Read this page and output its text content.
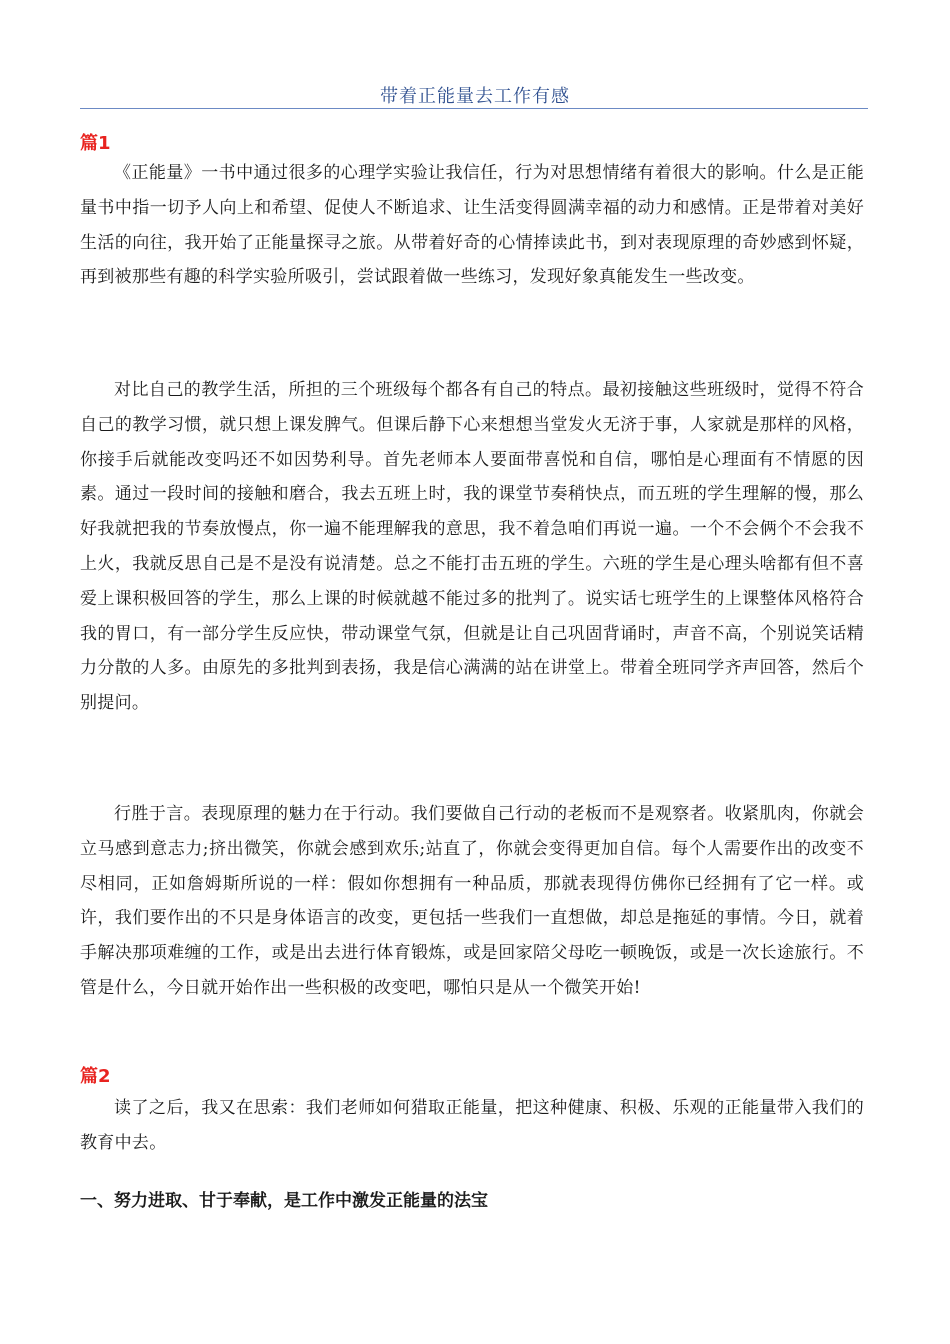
带着正能量去工作有感
篇1

《正能量》一书中通过很多的心理学实验让我信任，行为对思想情绪有着很大的影响。什么是正能量书中指一切予人向上和希望、促使人不断追求、让生活变得圆满幸福的动力和感情。正是带着对美好生活的向往，我开始了正能量探寻之旅。从带着好奇的心情捧读此书，到对表现原理的奇妙感到怀疑，再到被那些有趣的科学实验所吸引，尝试跟着做一些练习，发现好象真能发生一些改变。

对比自己的教学生活，所担的三个班级每个都各有自己的特点。最初接触这些班级时，觉得不符合自己的教学习惯，就只想上课发脾气。但课后静下心来想想当堂发火无济于事，人家就是那样的风格，你接手后就能改变吗还不如因势利导。首先老师本人要面带喜悦和自信，哪怕是心理面有不情愿的因素。通过一段时间的接触和磨合，我去五班上时，我的课堂节奏稍快点，而五班的学生理解的慢，那么好我就把我的节奏放慢点，你一遍不能理解我的意思，我不着急咱们再说一遍。一个不会俩个不会我不上火，我就反思自己是不是没有说清楚。总之不能打击五班的学生。六班的学生是心理头啥都有但不喜爱上课积极回答的学生，那么上课的时候就越不能过多的批判了。说实话七班学生的上课整体风格符合我的胃口，有一部分学生反应快，带动课堂气氛，但就是让自己巩固背诵时，声音不高，个别说笑话精力分散的人多。由原先的多批判到表扬，我是信心满满的站在讲堂上。带着全班同学齐声回答，然后个别提问。

行胜于言。表现原理的魅力在于行动。我们要做自己行动的老板而不是观察者。收紧肌肉，你就会立马感到意志力;挤出微笑，你就会感到欢乐;站直了，你就会变得更加自信。每个人需要作出的改变不尽相同，正如詹姆斯所说的一样：假如你想拥有一种品质，那就表现得仿佛你已经拥有了它一样。或许，我们要作出的不只是身体语言的改变，更包括一些我们一直想做，却总是拖延的事情。今日，就着手解决那项难缠的工作，或是出去进行体育锻炼，或是回家陪父母吃一顿晚饭，或是一次长途旅行。不管是什么，今日就开始作出一些积极的改变吧，哪怕只是从一个微笑开始!

篇2

读了之后，我又在思索：我们老师如何猎取正能量，把这种健康、积极、乐观的正能量带入我们的教育中去。

一、努力进取、甘于奉献，是工作中激发正能量的法宝
